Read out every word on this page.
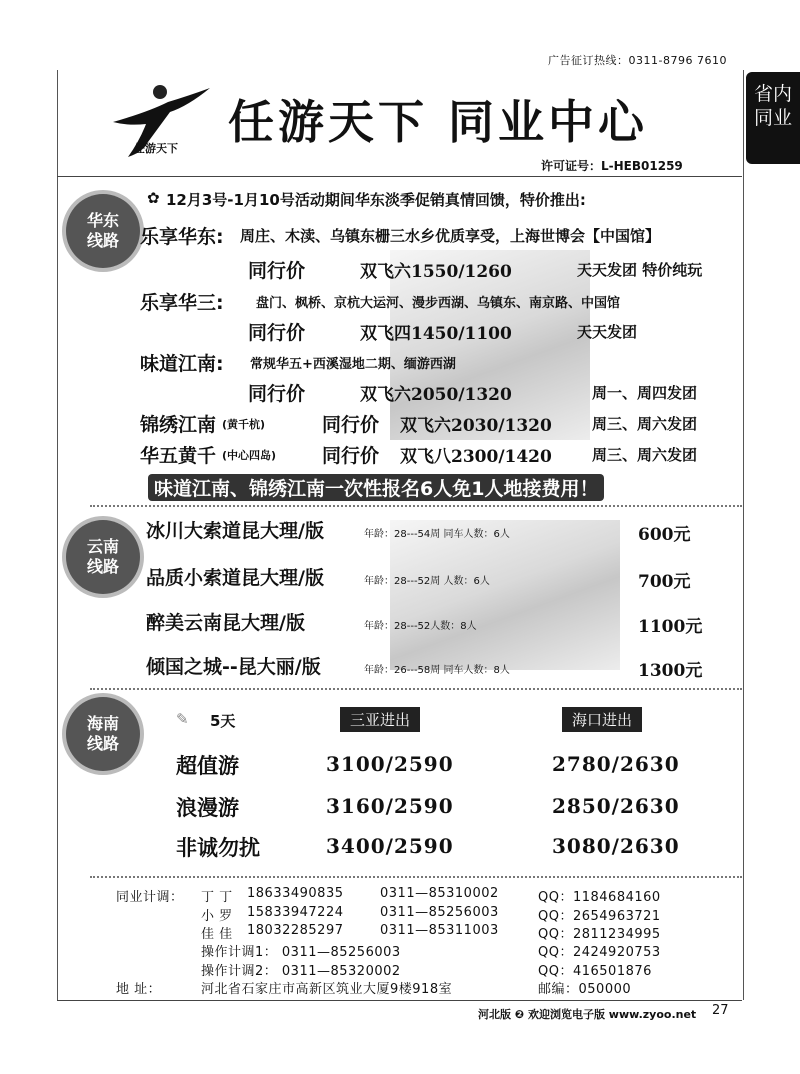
广告征订热线：0311-8796 7610
省内
同业
任游天下 任游天下 同业中心
许可证号：L-HEB01259
华东
线路
✿ 12月3号-1月10号活动期间华东淡季促销真情回馈，特价推出:
乐享华东: 周庄、木渎、乌镇东栅三水乡优质享受，上海世博会【中国馆】
同行价	双飞六1550/1260	天天发团 特价纯玩
乐享华三: 盘门、枫桥、京杭大运河、漫步西湖、乌镇东、南京路、中国馆
同行价	双飞四1450/1100	天天发团
味道江南: 常规华五+西溪湿地二期、缅游西湖
同行价	双飞六2050/1320	周一、周四发团
锦绣江南 (黄千杭)	同行价 双飞六2030/1320	周三、周六发团
华五黄千 (中心四岛) 同行价 双飞八2300/1420	周三、周六发团
味道江南、锦绣江南一次性报名6人免1人地接费用！
云南
线路
冰川大索道昆大理/版	年龄：28---54周 同车人数：6人	600元
品质小索道昆大理/版	年龄：28---52周 人数：6人	700元
醉美云南昆大理/版	年龄：28---52人数：8人	1100元
倾国之城--昆大丽/版	年龄：26---58周 同车人数：8人	1300元
海南
线路
✎ 5天	三亚进出	海口进出
超值游	3100/2590	2780/2630
浪漫游	3160/2590	2850/2630
非诚勿扰	3400/2590	3080/2630
同业计调： 丁 丁 18633490835	0311—85310002	QQ：1184684160
小 罗 15833947224	0311—85256003	QQ：2654963721
佳 佳 18032285297	0311—85311003	QQ：2811234995
操作计调1： 0311—85256003	QQ：2424920753
操作计调2： 0311—85320002	QQ：416501876
地 址：	河北省石家庄市高新区筑业大厦9楼918室	邮编：050000
河北版 ❷ 欢迎浏览电子版 www.zyoo.net 27
